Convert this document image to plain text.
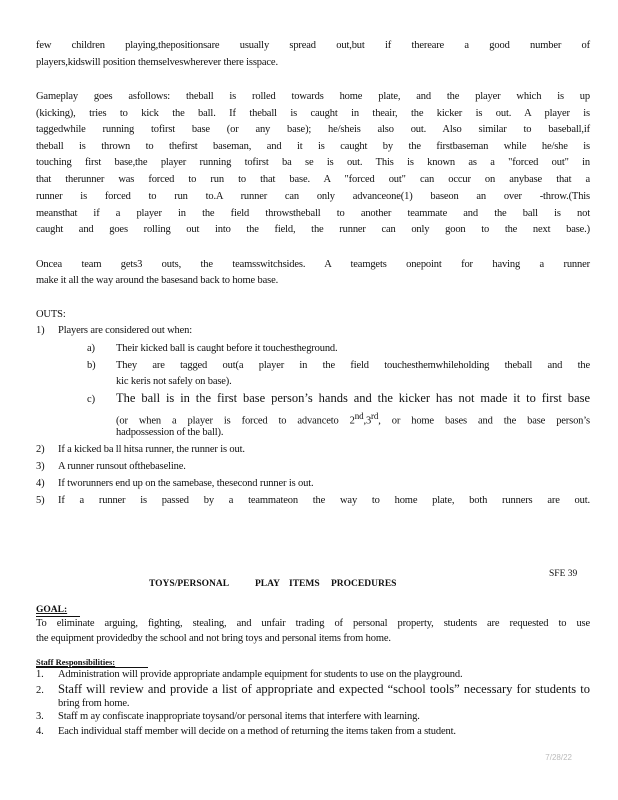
few children playing,thepositionsare usually spread out,but if thereare a good number of

players,kidswill position themselveswherever there isspace.

Gameplay goes asfollows: theball is rolled towards home plate, and the player which is up

(kicking), tries to kick the ball. If theball is caught in theair, the kicker is out. A player is

taggedwhile running tofirst base (or any base); he/sheis also out. Also similar to baseball,if

theball is thrown to thefirst baseman, and it is caught by the firstbaseman while he/she is

touching first base,the player running tofirst ba se is out. This is known as a "forced out" in

that therunner was forced to run to that base. A "forced out" can occur on anybase that a

runner is forced to run to.A runner can only advanceone(1) baseon an over -throw.(This

meansthat if a player in the field throwstheball to another teammate and the ball is not

caught and goes rolling out into the field, the runner can only goon to the next base.)

Oncea team gets3 outs, the teamsswitchsides. A teamgets onepoint for having a runner

make it all the way around the basesand back to home base.

OUTS:

1) Players are considered out when:

a) Their kicked ball is caught before it touchestheground.

b) They are tagged out(a player in the field touchesthemwhileholding theball and the

kic keris not safely on base).

c) The ball is in the first base person’s hands and the kicker has not made it to first base

(or when a player is forced to advanceto 2nd,3rd, or home bases and the base person’s

hadpossession of the ball).

2) If a kicked ba ll hitsa runner, the runner is out.

3) A runner runsout ofthebaseline.

4) If tworunners end up on the samebase, thesecond runner is out.

5) If a runner is passed by a teammateon the way to home plate, both runners are out.

SFE 39
TOYS/PERSONAL	PLAY ITEMS PROCEDURES
GOAL:

To eliminate arguing, fighting, stealing, and unfair trading of personal property, students are requested to use

the equipment providedby the school and not bring toys and personal items from home.

Staff Responsibilities:

1. Administration will provide appropriate andample equipment for students to use on the playground.

2. Staff will review and provide a list of appropriate and expected “school tools” necessary for students to

bring from home.

3. Staff m ay confiscate inappropriate toysand/or personal items that interfere with learning.

4. Each individual staff member will decide on a method of returning the items taken from a student.

7/28/22
